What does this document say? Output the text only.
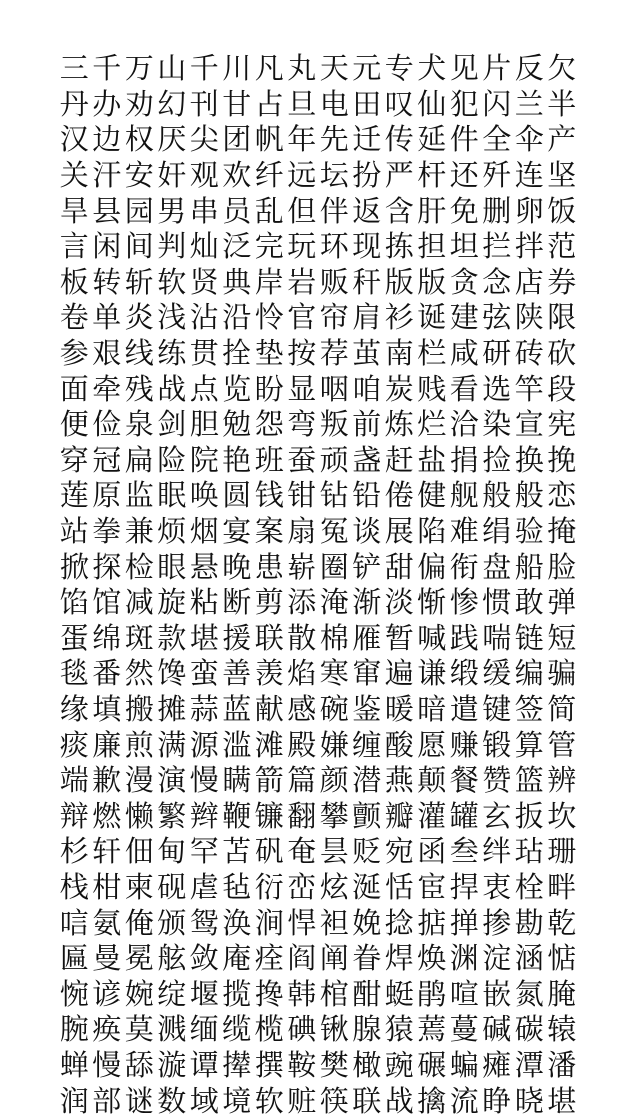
三 千 万 山 千 川 凡 丸 天 元 专 犬 见 片 反 欠
丹 办 劝 幻 刊 甘 占 旦 电 田 叹 仙 犯 闪 兰 半
汉 边 权 厌 尖 团 帆 年 先 迁 传 延 件 全 伞 产
关 汗 安 奸 观 欢 纤 远 坛 扮 严 杆 还 歼 连 坚
旱 县 园 男 串 员 乱 但 伴 返 含 肝 免 删 卵 饭
言 闲 间 判 灿 泛 完 玩 环 现 拣 担 坦 拦 拌 范
板 转 斩 软 贤 典 岸 岩 贩 秆 版 版 贪 念 店 券
卷 单 炎 浅 沾 沿 怜 官 帘 肩 衫 诞 建 弦 陕 限
参 艰 线 练 贯 拴 垫 按 荐 茧 南 栏 咸 研 砖 砍
面 牵 残 战 点 览 盼 显 咽 咱 炭 贱 看 选 竿 段
便 俭 泉 剑 胆 勉 怨 弯 叛 前 炼 烂 洽 染 宣 宪
穿 冠 扁 险 院 艳 班 蚕 顽 盏 赶 盐 捐 捡 换 挽
莲 原 监 眠 唤 圆 钱 钳 钻 铅 倦 健 舰 般 般 恋
站 拳 兼 烦 烟 宴 案 扇 冤 谈 展 陷 难 绢 验 掩
掀 探 检 眼 悬 晚 患 崭 圈 铲 甜 偏 衔 盘 船 脸
馅 馆 减 旋 粘 断 剪 添 淹 渐 淡 惭 惨 惯 敢 弹
蛋 绵 斑 款 堪 援 联 散 棉 雁 暂 喊 践 喘 链 短
毯 番 然 馋 蛮 善 羡 焰 寒 窜 遍 谦 缎 缓 编 骗
缘 填 搬 摊 蒜 蓝 献 感 碗 鉴 暖 暗 遣 键 签 简
痰 廉 煎 满 源 滥 滩 殿 嫌 缠 酸 愿 赚 锻 算 管
端 歉 漫 演 慢 瞒 箭 篇 颜 潜 燕 颠 餐 赞 篮 辨
辩 燃 懒 繁 辫 鞭 镰 翻 攀 颤 瓣 灌 罐 玄 扳 坎
杉 轩 佃 甸 罕 苫 矾 奄 昙 贬 宛 函 叁 绊 玷 珊
栈 柑 柬 砚 虐 毡 衍 峦 炫 涎 恬 宦 捍 衷 栓 畔
唁 氨 俺 颁 鸳 涣 涧 悍 袒 娩 捻 掂 掸 掺 勘 乾
匾 曼 冕 舷 敛 庵 痊 阎 阐 眷 焊 焕 渊 淀 涵 惦
惋 谚 婉 绽 堰 揽 搀 韩 棺 酣 蜓 鹃 喧 嵌 氮 腌
腕 痪 莫 溅 缅 缆 榄 碘 锹 腺 猿 蔫 蔓 碱 碳 辕
蝉 慢 舔 漩 谭 撵 撰 鞍 樊 橄 豌 碾 蝙 瘫 潭 潘
润 部 谜 数 域 境 软 赃 筷 联 战 擒 流 睁 晓 堪
